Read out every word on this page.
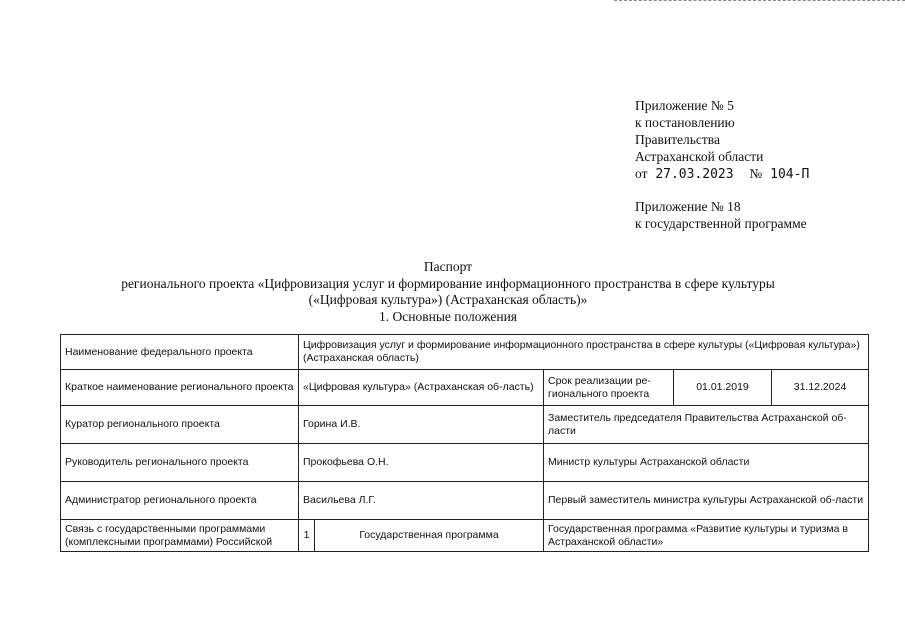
Приложение № 5
к постановлению
Правительства
Астраханской области
от 27.03.2023 № 104-П
Приложение № 18
к государственной программе
Паспорт
регионального проекта «Цифровизация услуг и формирование информационного пространства в сфере культуры
(«Цифровая культура») (Астраханская область)»
1. Основные положения
Наименование федерального проекта	Цифровизация услуг и формирование информационного пространства в сфере культуры («Цифровая культура») (Астраханская область)				
Краткое наименование регионального проекта	«Цифровая культура» (Астраханская об-ласть)		Срок реализации ре-гионального проекта	01.01.2019	31.12.2024
Куратор регионального проекта	Горина И.В.		Заместитель председателя Правительства Астраханской об-ласти		
Руководитель регионального проекта	Прокофьева О.Н.		Министр культуры Астраханской области		
Администратор регионального проекта	Васильева Л.Г.		Первый заместитель министра культуры Астраханской об-ласти		
Связь с государственными программами (комплексными программами) Российской	1	Государственная программа	Государственная программа «Развитие культуры и туризма в Астраханской области»		
